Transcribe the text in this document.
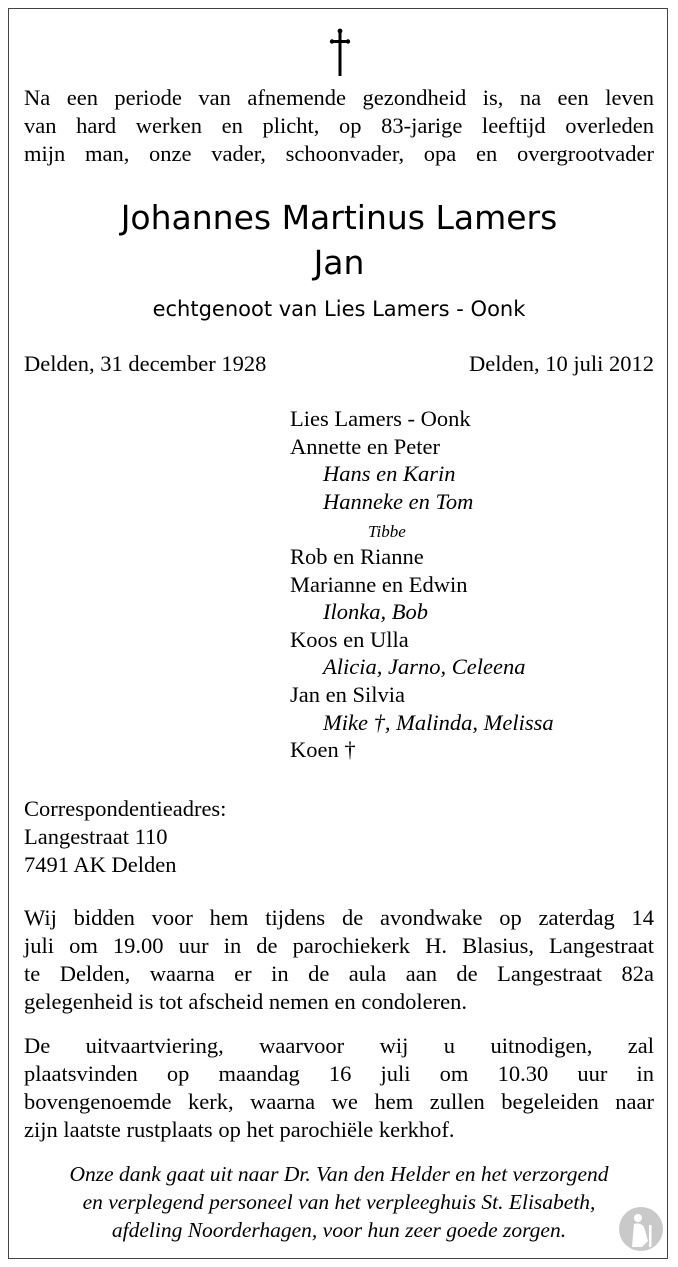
Na een periode van afnemende gezondheid is, na een leven
van hard werken en plicht, op 83-jarige leeftijd overleden
mijn man, onze vader, schoonvader, opa en overgrootvader
Johannes Martinus Lamers
Jan
echtgenoot van Lies Lamers - Oonk
Delden, 31 december 1928	Delden, 10 juli 2012
Lies Lamers - Oonk
Annette en Peter
Hans en Karin
Hanneke en Tom
Tibbe
Rob en Rianne
Marianne en Edwin
Ilonka, Bob
Koos en Ulla
Alicia, Jarno, Celeena
Jan en Silvia
Mike †, Malinda, Melissa
Koen †
Correspondentieadres:
Langestraat 110
7491 AK Delden
Wij bidden voor hem tijdens de avondwake op zaterdag 14
juli om 19.00 uur in de parochiekerk H. Blasius, Langestraat
te Delden, waarna er in de aula aan de Langestraat 82a
gelegenheid is tot afscheid nemen en condoleren.
De uitvaartviering, waarvoor wij u uitnodigen, zal
plaatsvinden op maandag 16 juli om 10.30 uur in
bovengenoemde kerk, waarna we hem zullen begeleiden naar
zijn laatste rustplaats op het parochiële kerkhof.
Onze dank gaat uit naar Dr. Van den Helder en het verzorgend
en verplegend personeel van het verpleeghuis St. Elisabeth,
afdeling Noorderhagen, voor hun zeer goede zorgen.
